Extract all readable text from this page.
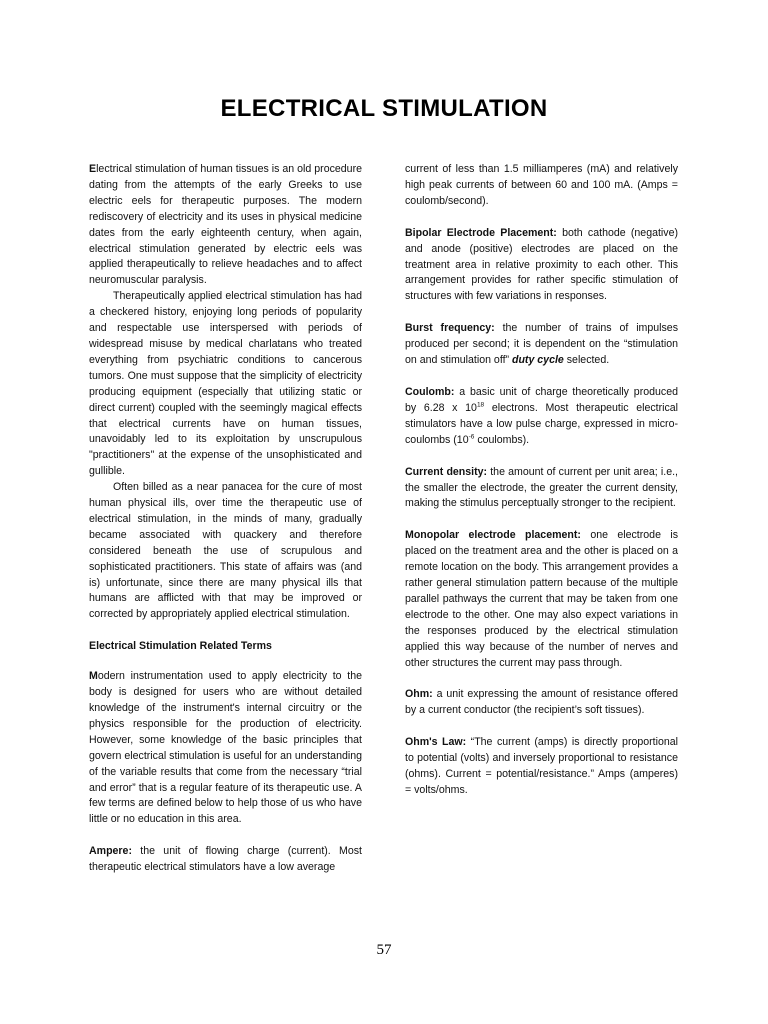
ELECTRICAL STIMULATION

Electrical stimulation of human tissues is an old procedure dating from the attempts of the early Greeks to use electric eels for therapeutic purposes. The modern rediscovery of electricity and its uses in physical medicine dates from the early eighteenth century, when again, electrical stimulation generated by electric eels was applied therapeutically to relieve headaches and to affect neuromuscular paralysis.

Therapeutically applied electrical stimulation has had a checkered history, enjoying long periods of popularity and respectable use interspersed with periods of widespread misuse by medical charlatans who treated everything from psychiatric conditions to cancerous tumors. One must suppose that the simplicity of electricity producing equipment (especially that utilizing static or direct current) coupled with the seemingly magical effects that electrical currents have on human tissues, unavoidably led to its exploitation by unscrupulous "practitioners" at the expense of the unsophisticated and gullible.

Often billed as a near panacea for the cure of most human physical ills, over time the therapeutic use of electrical stimulation, in the minds of many, gradually became associated with quackery and therefore considered beneath the use of scrupulous and sophisticated practitioners. This state of affairs was (and is) unfortunate, since there are many physical ills that humans are afflicted with that may be improved or corrected by appropriately applied electrical stimulation.

Electrical Stimulation Related Terms

Modern instrumentation used to apply electricity to the body is designed for users who are without detailed knowledge of the instrument's internal circuitry or the physics responsible for the production of electricity. However, some knowledge of the basic principles that govern electrical stimulation is useful for an understanding of the variable results that come from the necessary “trial and error” that is a regular feature of its therapeutic use. A few terms are defined below to help those of us who have little or no education in this area.

Ampere: the unit of flowing charge (current). Most therapeutic electrical stimulators have a low average

current of less than 1.5 milliamperes (mA) and relatively high peak currents of between 60 and 100 mA. (Amps = coulomb/second).

Bipolar Electrode Placement: both cathode (negative) and anode (positive) electrodes are placed on the treatment area in relative proximity to each other. This arrangement provides for rather specific stimulation of structures with few variations in responses.

Burst frequency: the number of trains of impulses produced per second; it is dependent on the “stimulation on and stimulation off” duty cycle selected.

Coulomb: a basic unit of charge theoretically produced by 6.28 x $10^{18}$ electrons. Most therapeutic electrical stimulators have a low pulse charge, expressed in micro-coulombs ($10^{-6}$ coulombs).

Current density: the amount of current per unit area; i.e., the smaller the electrode, the greater the current density, making the stimulus perceptually stronger to the recipient.

Monopolar electrode placement: one electrode is placed on the treatment area and the other is placed on a remote location on the body. This arrangement provides a rather general stimulation pattern because of the multiple parallel pathways the current that may be taken from one electrode to the other. One may also expect variations in the responses produced by the electrical stimulation applied this way because of the number of nerves and other structures the current may pass through.

Ohm: a unit expressing the amount of resistance offered by a current conductor (the recipient’s soft tissues).

Ohm's Law: “The current (amps) is directly proportional to potential (volts) and inversely proportional to resistance (ohms). Current = potential/resistance.” Amps (amperes) = volts/ohms.

57
